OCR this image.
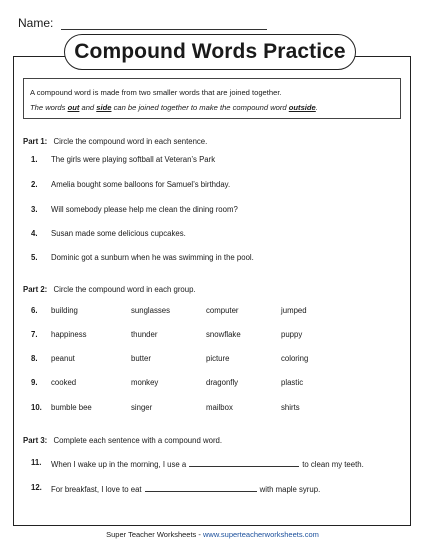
Name:
Compound Words Practice
A compound word is made from two smaller words that are joined together.
The words out and side can be joined together to make the compound word outside.
Part 1: Circle the compound word in each sentence.
1. The girls were playing softball at Veteran’s Park
2. Amelia bought some balloons for Samuel’s birthday.
3. Will somebody please help me clean the dining room?
4. Susan made some delicious cupcakes.
5. Dominic got a sunburn when he was swimming in the pool.
Part 2: Circle the compound word in each group.
6. building	sunglasses	computer	jumped
7. happiness	thunder	snowflake	puppy
8. peanut	butter	picture	coloring
9. cooked	monkey	dragonfly	plastic
10. bumble bee	singer	mailbox	shirts
Part 3: Complete each sentence with a compound word.
11. When I wake up in the morning, I use a	to clean my teeth.
12. For breakfast, I love to eat	with maple syrup.
Super Teacher Worksheets - www.superteacherworksheets.com
